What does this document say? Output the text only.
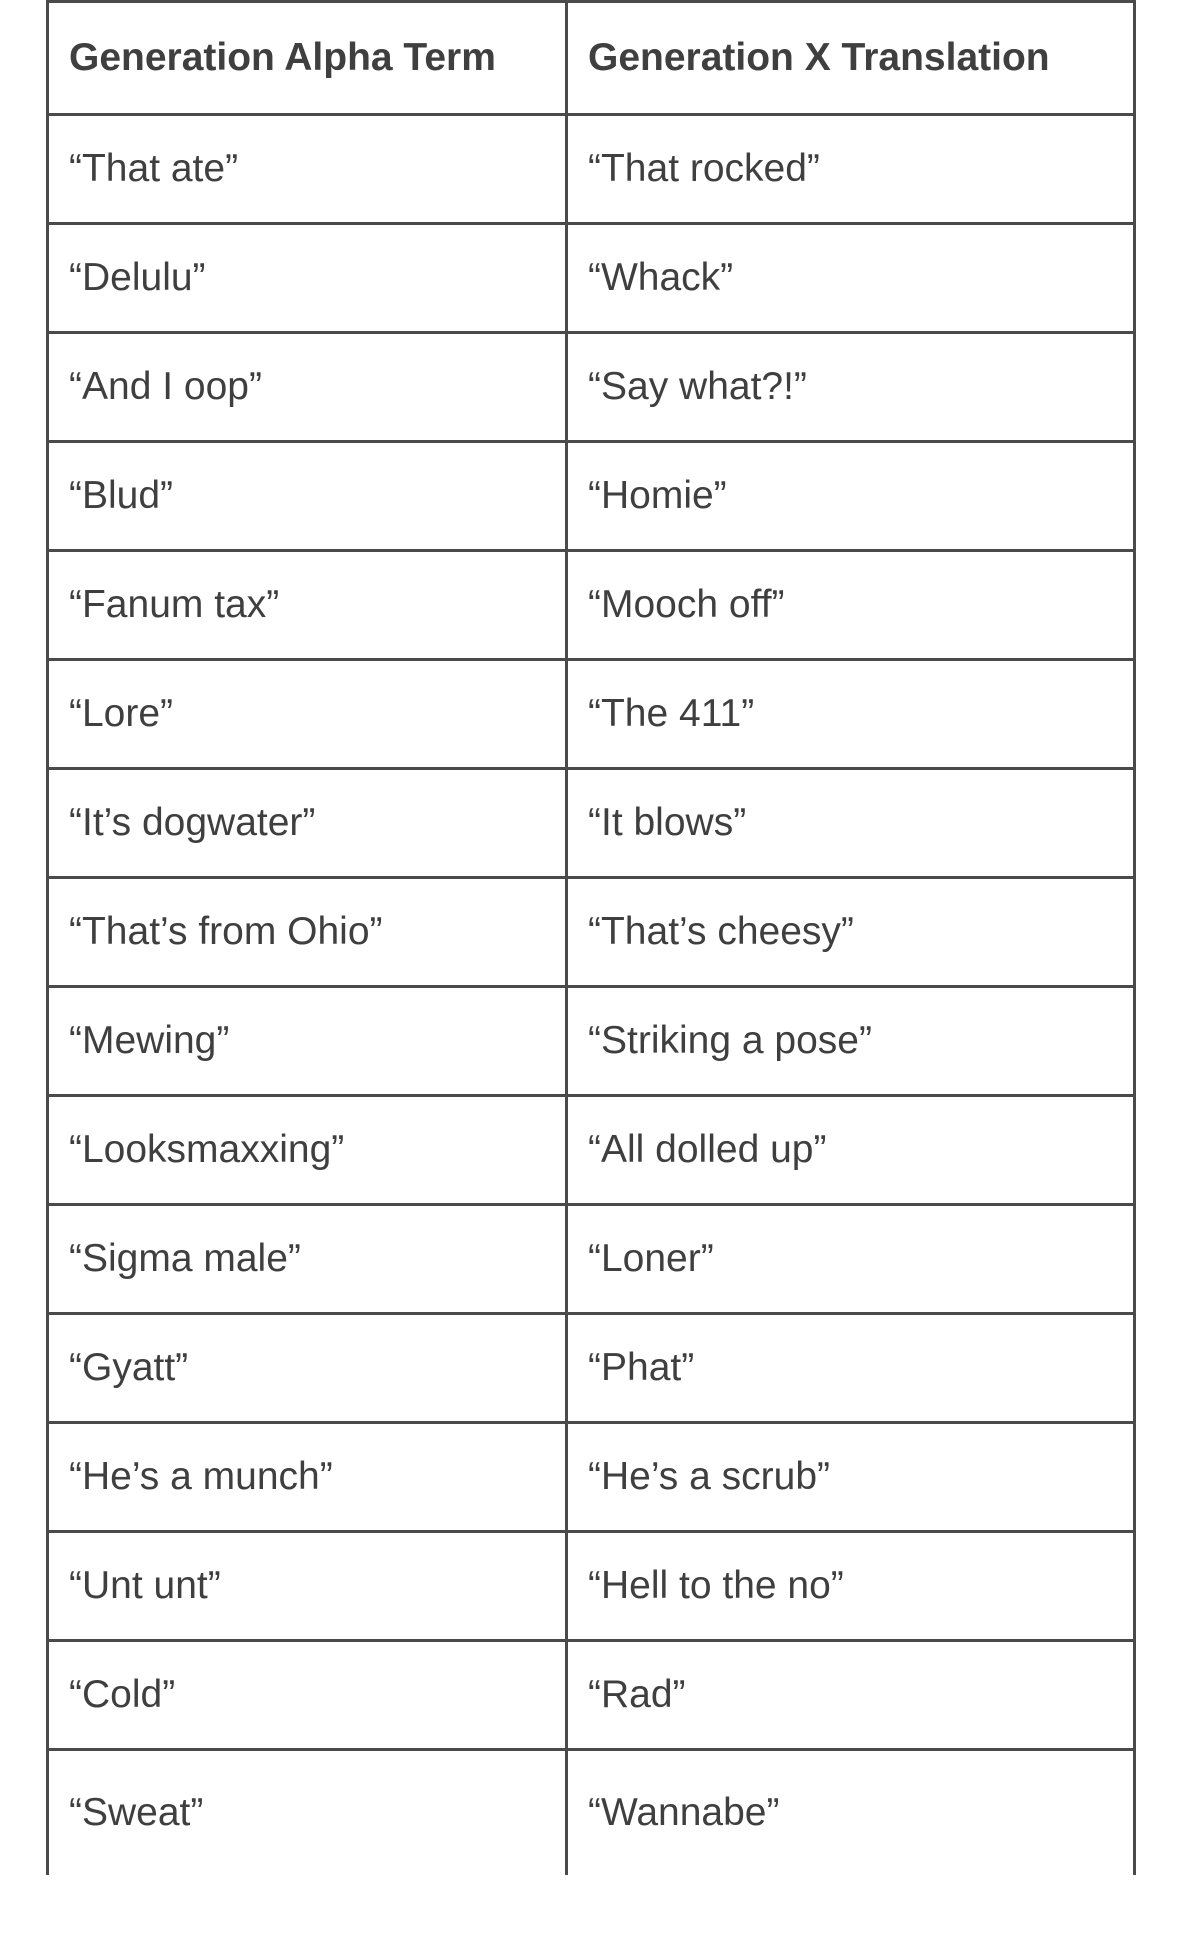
Generation Alpha Term	Generation X Translation
“That ate”	“That rocked”
“Delulu”	“Whack”
“And I oop”	“Say what?!”
“Blud”	“Homie”
“Fanum tax”	“Mooch off”
“Lore”	“The 411”
“It’s dogwater”	“It blows”
“That’s from Ohio”	“That’s cheesy”
“Mewing”	“Striking a pose”
“Looksmaxxing”	“All dolled up”
“Sigma male”	“Loner”
“Gyatt”	“Phat”
“He’s a munch”	“He’s a scrub”
“Unt unt”	“Hell to the no”
“Cold”	“Rad”
“Sweat”	“Wannabe”
